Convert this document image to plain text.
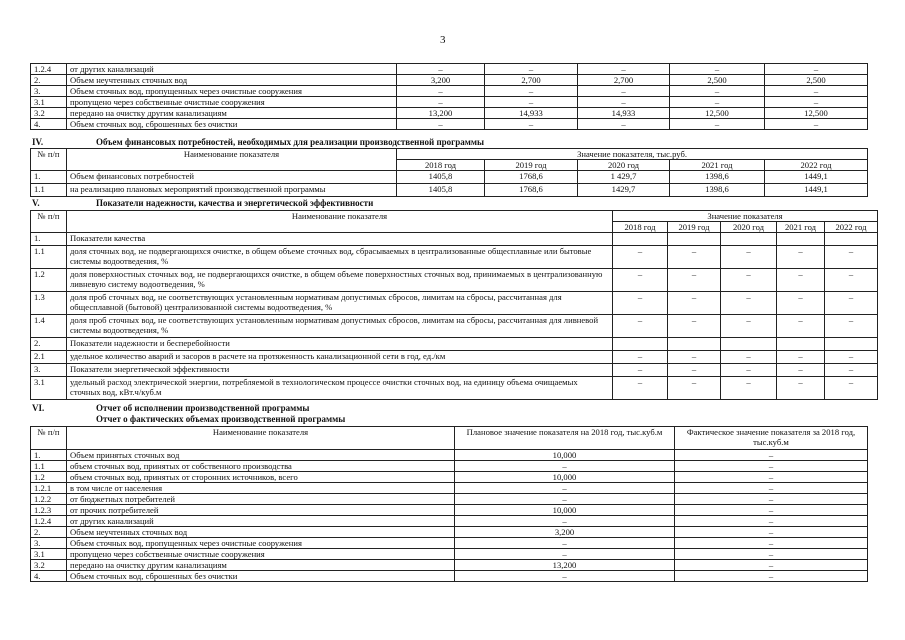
3
1.2.4	от других канализаций	–	–	–	–	–
2.	Объем неучтенных сточных вод	3,200	2,700	2,700	2,500	2,500
3.	Объем сточных вод, пропущенных через очистные сооружения	–	–	–	–	–
3.1	пропущено через собственные очистные сооружения	–	–	–	–	–
3.2	передано на очистку другим канализациям	13,200	14,933	14,933	12,500	12,500
4.	Объем сточных вод, сброшенных без очистки	–	–	–	–	–
IV.	Объем финансовых потребностей, необходимых для реализации производственной программы
№ п/п	Наименование показателя	Значение показателя, тыс.руб.				
		2018 год	2019 год	2020 год	2021 год	2022 год
1.	Объем финансовых потребностей	1405,8	1768,6	1 429,7	1398,6	1449,1
1.1	на реализацию плановых мероприятий производственной программы	1405,8	1768,6	1429,7	1398,6	1449,1
V.	Показатели надежности, качества и энергетической эффективности
№ п/п	Наименование показателя	Значение показателя				
		2018 год	2019 год	2020 год	2021 год	2022 год
1.	Показатели качества					
1.1	доля сточных вод, не подвергающихся очистке, в общем объеме сточных вод, сбрасываемых в централизованные общесплавные или бытовые системы водоотведения, %	–	–	–	–	–
1.2	доля поверхностных сточных вод, не подвергающихся очистке, в общем объеме поверхностных сточных вод, принимаемых в централизованную ливневую систему водоотведения, %	–	–	–	–	–
1.3	доля проб сточных вод, не соответствующих установленным нормативам допустимых сбросов, лимитам на сбросы, рассчитанная для общесплавной (бытовой) централизованной системы водоотведения, %	–	–	–	–	–
1.4	доля проб сточных вод, не соответствующих установленным нормативам допустимых сбросов, лимитам на сбросы, рассчитанная для ливневой системы водоотведения, %	–	–	–	–	–
2.	Показатели надежности и бесперебойности					
2.1	удельное количество аварий и засоров в расчете на протяженность канализационной сети в год, ед./км	–	–	–	–	–
3.	Показатели энергетической эффективности	–	–	–	–	–
3.1	удельный расход электрической энергии, потребляемой в технологическом процессе очистки сточных вод, на единицу объема очищаемых сточных вод, кВт.ч/куб.м	–	–	–	–	–
VI.	Отчет об исполнении производственной программы
	Отчет о фактических объемах производственной программы
№ п/п	Наименование показателя	Плановое значение показателя на 2018 год, тыс.куб.м	Фактическое значение показателя за 2018 год, тыс.куб.м
1.	Объем принятых сточных вод	10,000	–
1.1	объем сточных вод, принятых от собственного производства	–	–
1.2	объем сточных вод, принятых от сторонних источников, всего	10,000	–
1.2.1	в том числе от населения	–	–
1.2.2	от бюджетных потребителей	–	–
1.2.3	от прочих потребителей	10,000	–
1.2.4	от других канализаций	–	–
2.	Объем неучтенных сточных вод	3,200	–
3.	Объем сточных вод, пропущенных через очистные сооружения	–	–
3.1	пропущено через собственные очистные сооружения	–	–
3.2	передано на очистку другим канализациям	13,200	–
4.	Объем сточных вод, сброшенных без очистки	–	–
